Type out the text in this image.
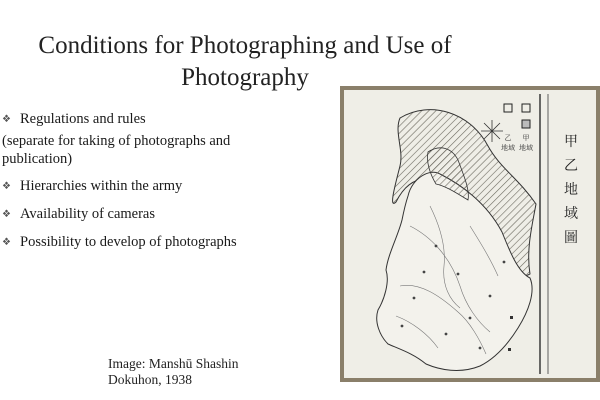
Conditions for Photographing and Use of
Photography
❖ Regulations and rules
(separate for taking of photographs and
publication)
❖ Hierarchies within the army
❖ Availability of cameras
❖ Possibility to develop of photographs
Image: Manshū Shashin
Dokuhon, 1938
甲
地域
乙
地域	甲
乙
地
域
圖
